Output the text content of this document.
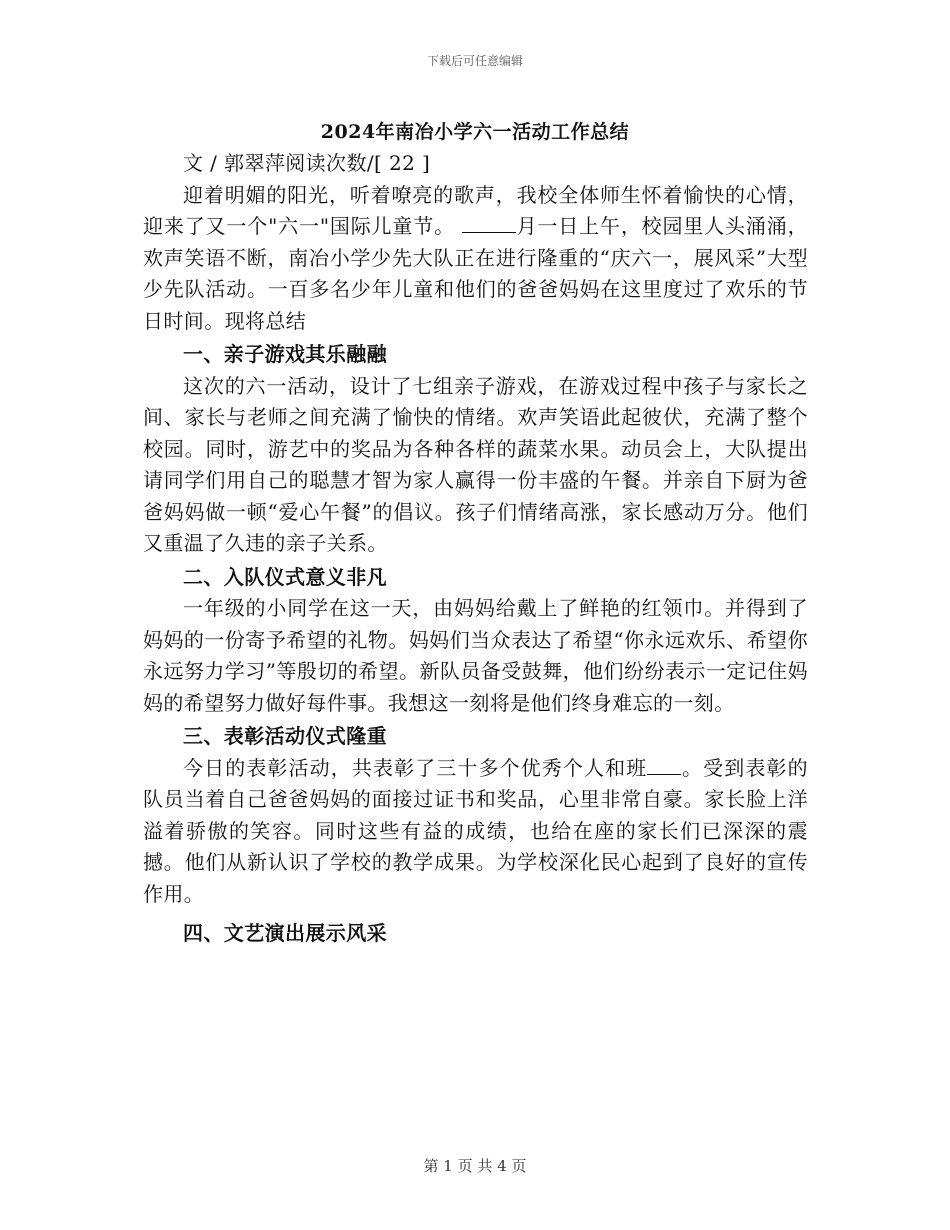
下载后可任意编辑
2024年南冶小学六一活动工作总结

文 / 郭翠萍阅读次数/[ 22 ]

迎着明媚的阳光，听着嘹亮的歌声，我校全体师生怀着愉快的心情，迎来了又一个"六一"国际儿童节。	月一日上午，校园里人头涌涌，欢声笑语不断，南冶小学少先大队正在进行隆重的“庆六一，展风采”大型少先队活动。一百多名少年儿童和他们的爸爸妈妈在这里度过了欢乐的节日时间。现将总结

一、亲子游戏其乐融融

这次的六一活动，设计了七组亲子游戏，在游戏过程中孩子与家长之间、家长与老师之间充满了愉快的情绪。欢声笑语此起彼伏，充满了整个校园。同时，游艺中的奖品为各种各样的蔬菜水果。动员会上，大队提出请同学们用自己的聪慧才智为家人赢得一份丰盛的午餐。并亲自下厨为爸爸妈妈做一顿“爱心午餐”的倡议。孩子们情绪高涨，家长感动万分。他们又重温了久违的亲子关系。

二、入队仪式意义非凡

一年级的小同学在这一天，由妈妈给戴上了鲜艳的红领巾。并得到了妈妈的一份寄予希望的礼物。妈妈们当众表达了希望“你永远欢乐、希望你永远努力学习”等殷切的希望。新队员备受鼓舞，他们纷纷表示一定记住妈妈的希望努力做好每件事。我想这一刻将是他们终身难忘的一刻。

三、表彰活动仪式隆重

今日的表彰活动，共表彰了三十多个优秀个人和班 。受到表彰的队员当着自己爸爸妈妈的面接过证书和奖品，心里非常自豪。家长脸上洋溢着骄傲的笑容。同时这些有益的成绩，也给在座的家长们已深深的震撼。他们从新认识了学校的教学成果。为学校深化民心起到了良好的宣传作用。

四、文艺演出展示风采

第 1 页 共 4 页
